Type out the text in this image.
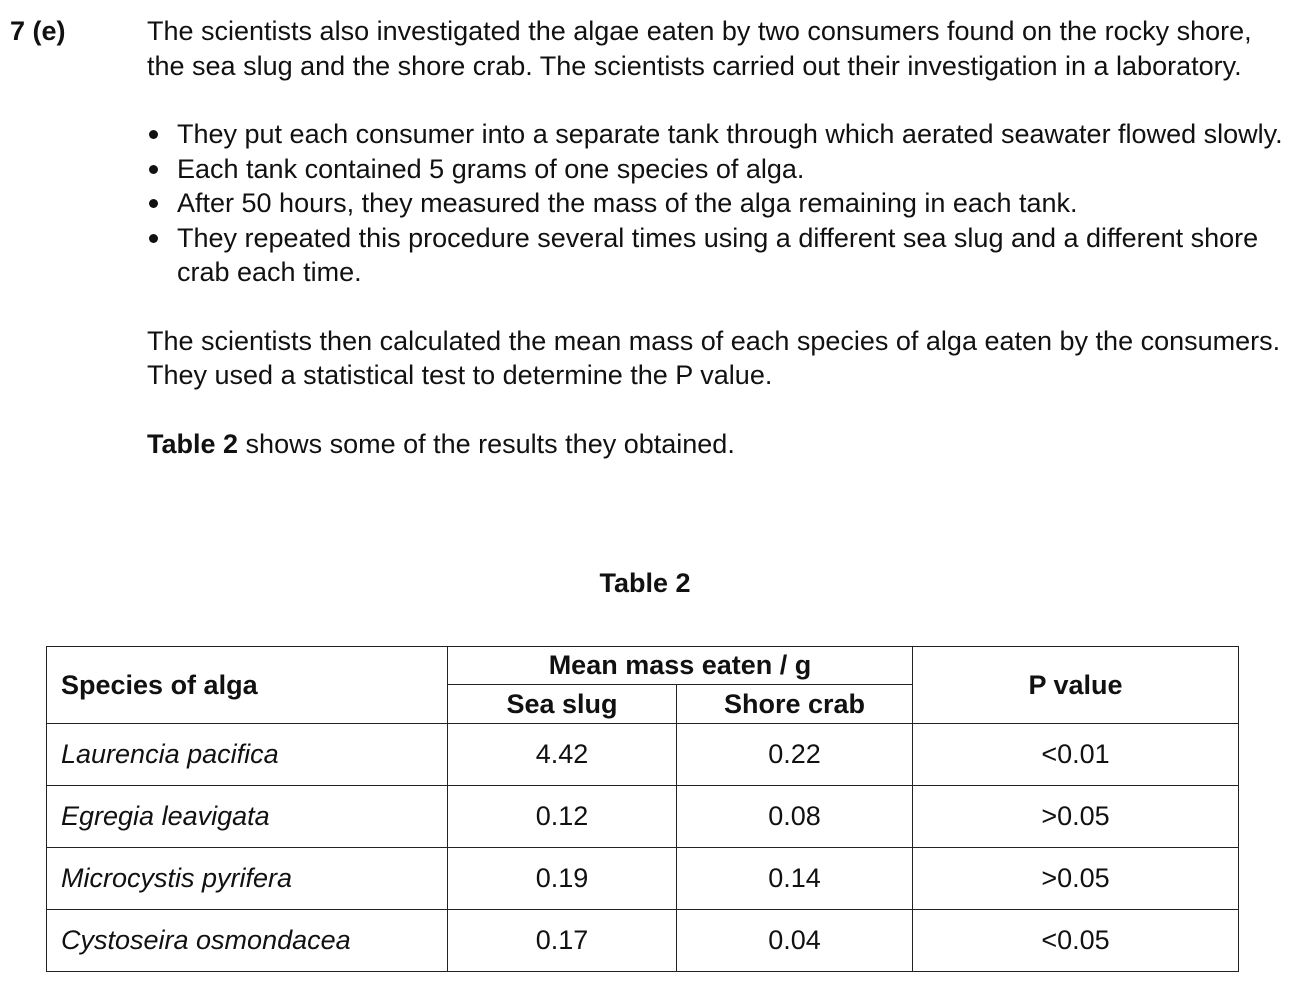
7 (e)	The scientists also investigated the algae eaten by two consumers found on the rocky shore, the sea slug and the shore crab. The scientists carried out their investigation in a laboratory.

They put each consumer into a separate tank through which aerated seawater flowed slowly.
Each tank contained 5 grams of one species of alga.
After 50 hours, they measured the mass of the alga remaining in each tank.
They repeated this procedure several times using a different sea slug and a different shore crab each time.

The scientists then calculated the mean mass of each species of alga eaten by the consumers. They used a statistical test to determine the P value.

Table 2 shows some of the results they obtained.

Table 2
Species of alga	Mean mass eaten / g		P value
	Sea slug	Shore crab	
Laurencia pacifica	4.42	0.22	<0.01
Egregia leavigata	0.12	0.08	>0.05
Microcystis pyrifera	0.19	0.14	>0.05
Cystoseira osmondacea	0.17	0.04	<0.05
